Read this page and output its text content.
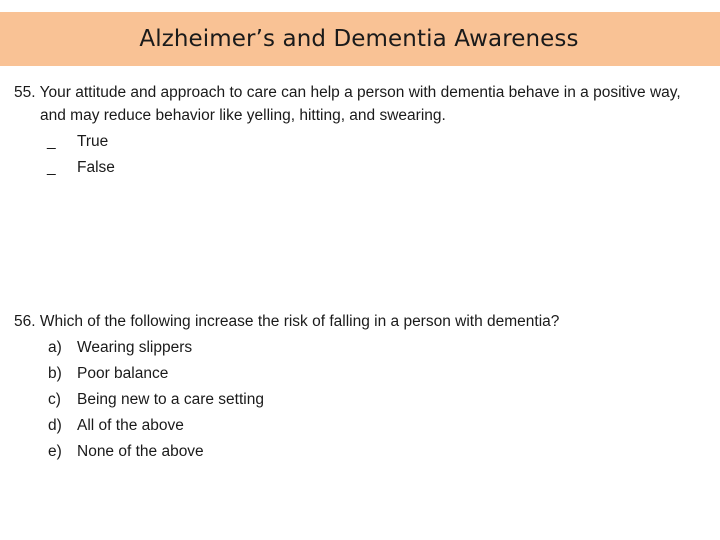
Alzheimer’s and Dementia Awareness
55. Your attitude and approach to care can help a person with dementia behave in a positive way, and may reduce behavior like yelling, hitting, and swearing.
_	True
_	False
56. Which of the following increase the risk of falling in a person with dementia?
a) Wearing slippers
b) Poor balance
c)	Being new to a care setting
d) All of the above
e) None of the above
